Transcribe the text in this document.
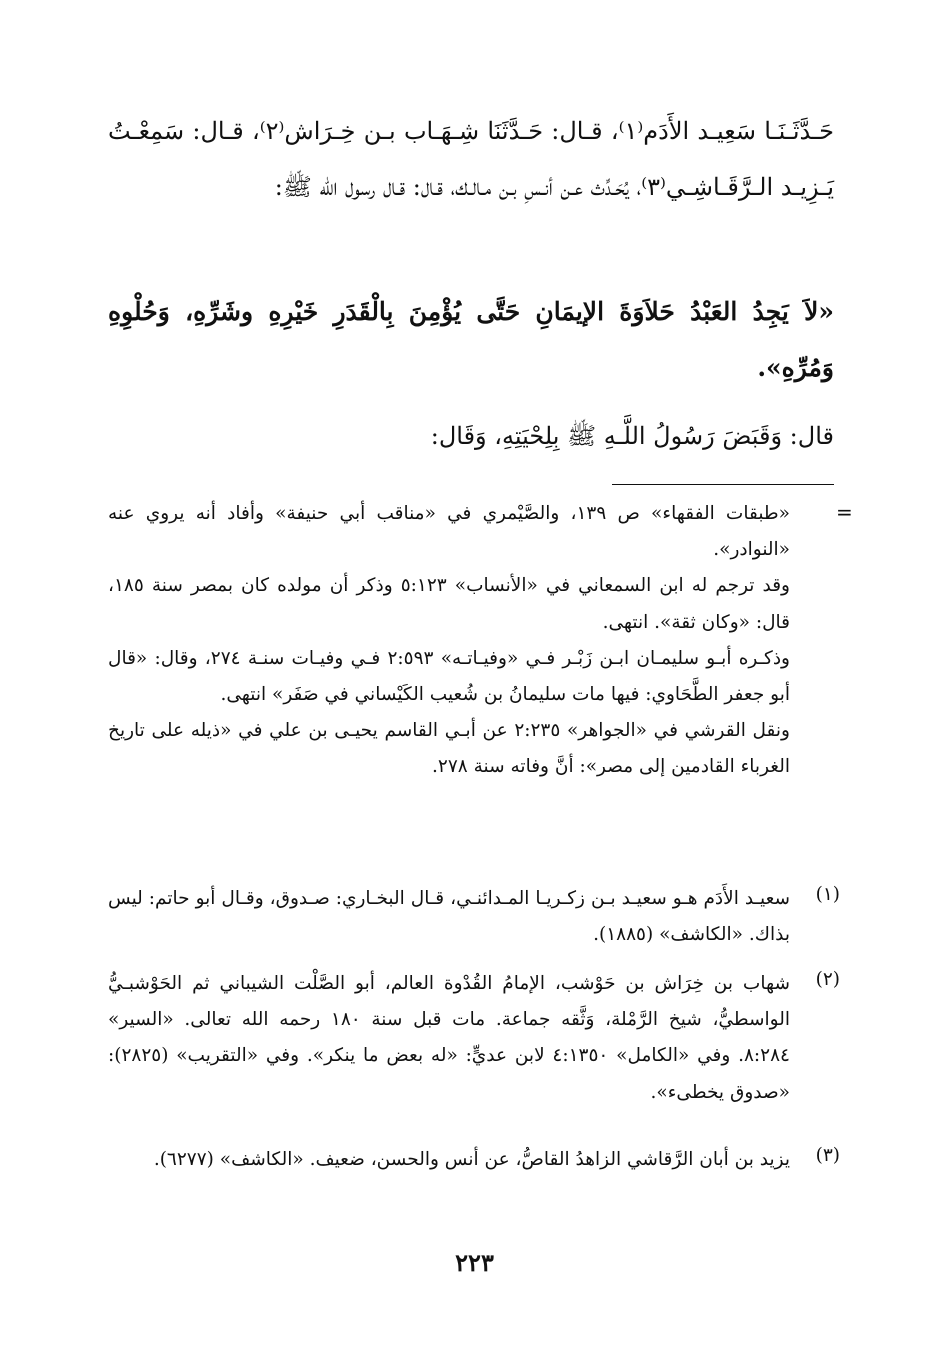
حَـدَّثَـنَـا سَعِيـد الأَدَم⁽١⁾، قـال: حَـدَّثَنَا شِـهَـاب بـن خِـرَاش⁽٢⁾، قـال: سَمِعْـتُ يَـزِيـد الـرَّقَـاشِـي⁽٣⁾، يُحَـدِّث عـن أنـسِ بـن مـالـك، قـال: قـال رسول الله ﷺ:
«لاَ يَجِدُ العَبْدُ حَلاَوَةَ الإيمَانِ حَتَّى يُؤْمِنَ بِالْقَدَرِ خَيْرِهِ وشَرِّهِ، وَحُلْوِهِ وَمُرِّهِ».
قال: وَقَبَضَ رَسُولُ اللَّـهِ ﷺ بِلِحْيَتِهِ، وَقَال:
=

«طبقات الفقهاء» ص ١٣٩، والصَّيْمري في «مناقب أبي حنيفة» وأفاد أنه يروي عنه «النوادر».

وقد ترجم له ابن السمعاني في «الأنساب» ٥:١٢٣ وذكر أن مولده كان بمصر سنة ١٨٥، قال: «وكان ثقة». انتهى.

وذكـره أبـو سليمـان ابـن زَبْـر فـي «وفيـاتـه» ٢:٥٩٣ فـي وفيـات سنـة ٢٧٤، وقال: «قال أبو جعفر الطَّحَاوي: فيها مات سليمانُ بن شُعيب الكَيْساني في صَفَر» انتهى.

ونقل القرشي في «الجواهر» ٢:٢٣٥ عن أبـي القاسم يحيـى بن علي في «ذيله على تاريخ الغرباء القادمين إلى مصر»: أنَّ وفاته سنة ٢٧٨.

(١)
سعيـد الأَدَم هـو سعيـد بـن زكـريـا المـدائنـي، قـال البخـاري: صـدوق، وقـال أبو حاتم: ليس بذاك. «الكاشف» (١٨٨٥).
(٢)
شهاب بن خِرَاش بن حَوْشب، الإمامُ القُدْوة العالم، أبو الصَّلْت الشيباني ثم الحَوْشبـيُّ الواسطيُّ، شيخ الرَّمْلة، وَثَّقه جماعة. مات قبل سنة ١٨٠ رحمه الله تعالى. «السير» ٨:٢٨٤. وفي «الكامل» ٤:١٣٥٠ لابن عديٍّ: «له بعض ما ينكر». وفي «التقريب» (٢٨٢٥): «صدوق يخطىء».
(٣)
يزيد بن أبان الرَّقاشي الزاهدُ القاصُّ، عن أنس والحسن، ضعيف. «الكاشف» (٦٢٧٧).
٢٢٣
